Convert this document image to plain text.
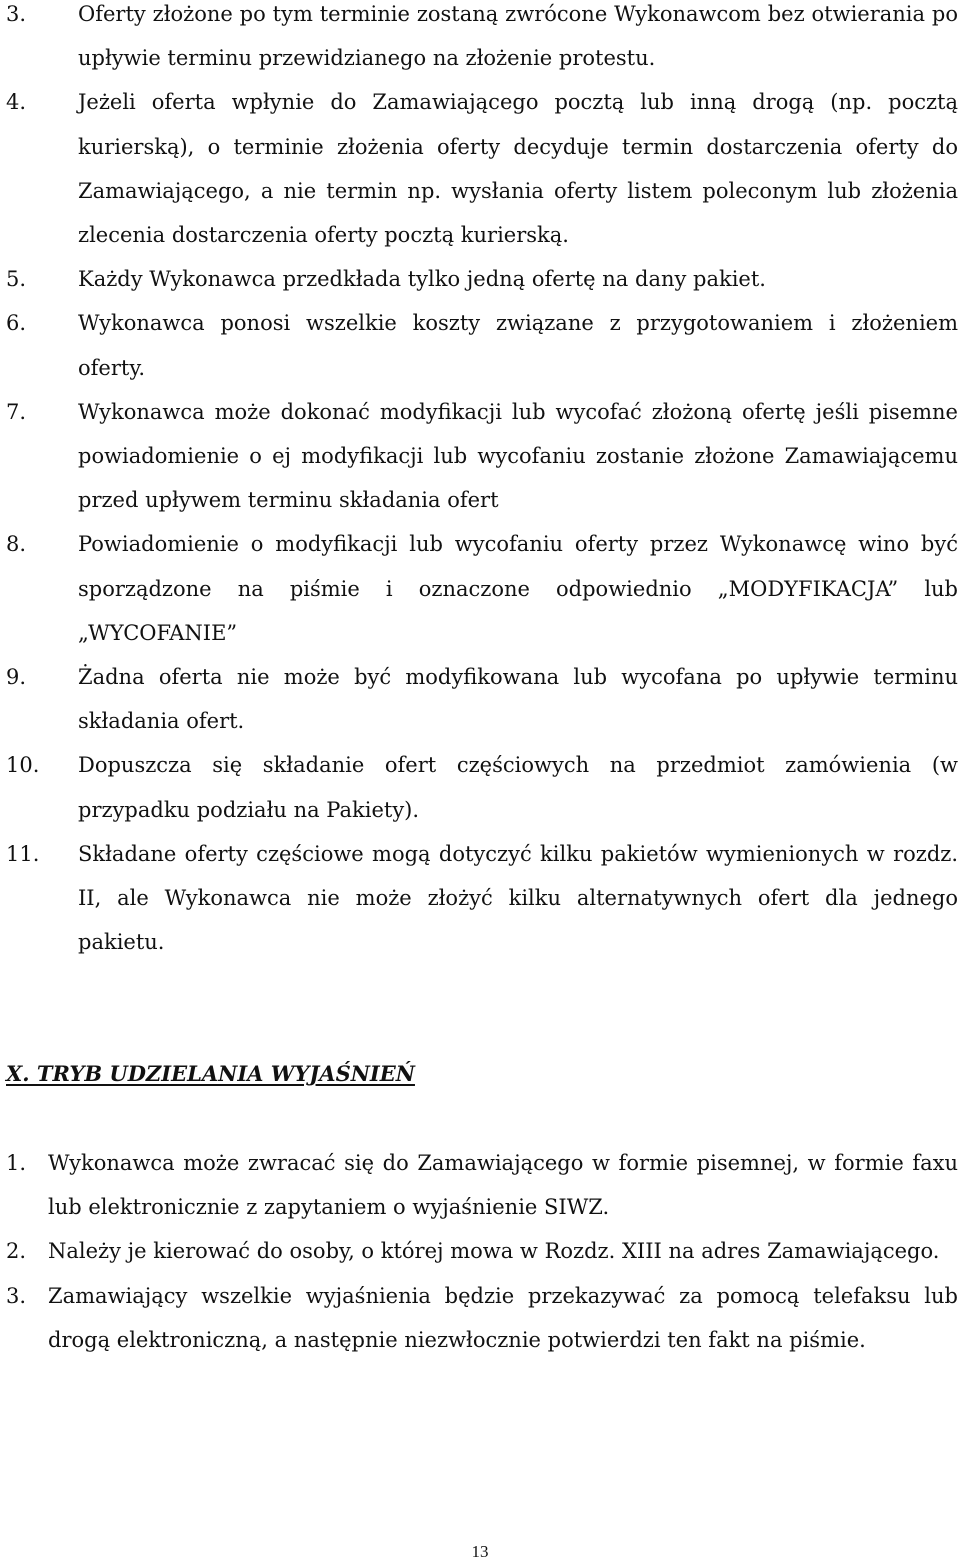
3.	Oferty złożone po tym terminie zostaną zwrócone Wykonawcom bez otwierania po upływie terminu przewidzianego na złożenie protestu.
4.	Jeżeli oferta wpłynie do Zamawiającego pocztą lub inną drogą (np. pocztą kurierską), o terminie złożenia oferty decyduje termin dostarczenia oferty do Zamawiającego, a nie termin np. wysłania oferty listem poleconym lub złożenia zlecenia dostarczenia oferty pocztą kurierską.
5.	Każdy Wykonawca przedkłada tylko jedną ofertę na dany pakiet.
6.	Wykonawca ponosi wszelkie koszty związane z przygotowaniem i złożeniem oferty.
7.	Wykonawca może dokonać modyfikacji lub wycofać złożoną ofertę jeśli pisemne powiadomienie o ej modyfikacji lub wycofaniu zostanie złożone Zamawiającemu przed upływem terminu składania ofert
8.	Powiadomienie o modyfikacji lub wycofaniu oferty przez Wykonawcę wino być sporządzone na piśmie i oznaczone odpowiednio „MODYFIKACJA” lub „WYCOFANIE”
9.	Żadna oferta nie może być modyfikowana lub wycofana po upływie terminu składania ofert.
10.	Dopuszcza się składanie ofert częściowych na przedmiot zamówienia (w przypadku podziału na Pakiety).
11.	Składane oferty częściowe mogą dotyczyć kilku pakietów wymienionych w rozdz. II, ale Wykonawca nie może złożyć kilku alternatywnych ofert dla jednego pakietu.
X. TRYB UDZIELANIA WYJAŚNIEŃ
1.	Wykonawca może zwracać się do Zamawiającego w formie pisemnej, w formie faxu lub elektronicznie z zapytaniem o wyjaśnienie SIWZ.
2.	Należy je kierować do osoby, o której mowa w Rozdz. XIII na adres Zamawiającego.
3.	Zamawiający wszelkie wyjaśnienia będzie przekazywać za pomocą telefaksu lub drogą elektroniczną, a następnie niezwłocznie potwierdzi ten fakt na piśmie.
13
